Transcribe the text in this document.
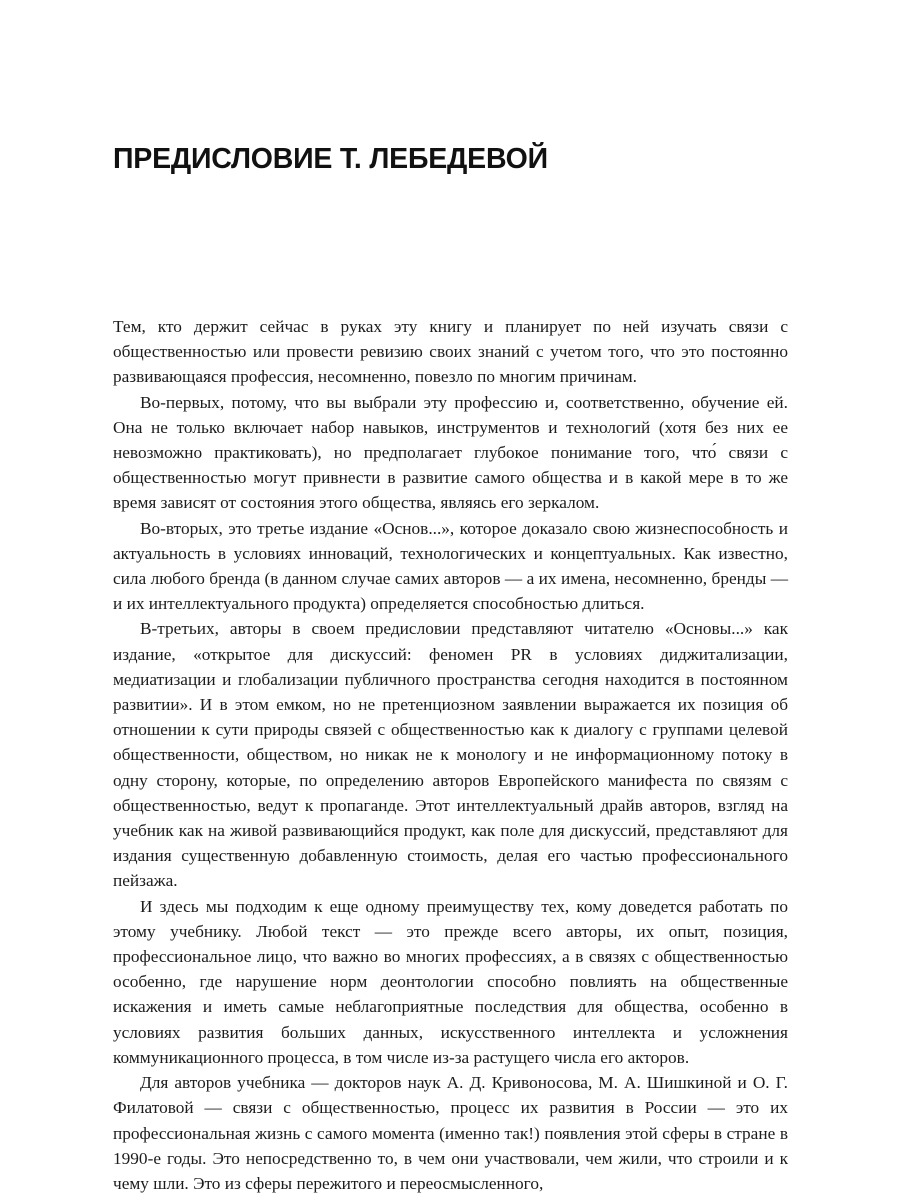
ПРЕДИСЛОВИЕ Т. ЛЕБЕДЕВОЙ

Тем, кто держит сейчас в руках эту книгу и планирует по ней изучать связи с общественностью или провести ревизию своих знаний с учетом того, что это постоянно развивающаяся профессия, несомненно, повезло по многим причинам.

Во-первых, потому, что вы выбрали эту профессию и, соответственно, обучение ей. Она не только включает набор навыков, инструментов и технологий (хотя без них ее невозможно практиковать), но предполагает глубокое понимание того, что́ связи с общественностью могут привнести в развитие самого общества и в какой мере в то же время зависят от состояния этого общества, являясь его зеркалом.

Во-вторых, это третье издание «Основ...», которое доказало свою жизнеспособность и актуальность в условиях инноваций, технологических и концептуальных. Как известно, сила любого бренда (в данном случае самих авторов — а их имена, несомненно, бренды — и их интеллектуального продукта) определяется способностью длиться.

В-третьих, авторы в своем предисловии представляют читателю «Основы...» как издание, «открытое для дискуссий: феномен PR в условиях диджитализации, медиатизации и глобализации публичного пространства сегодня находится в постоянном развитии». И в этом емком, но не претенциозном заявлении выражается их позиция об отношении к сути природы связей с общественностью как к диалогу с группами целевой общественности, обществом, но никак не к монологу и не информационному потоку в одну сторону, которые, по определению авторов Европейского манифеста по связям с общественностью, ведут к пропаганде. Этот интеллектуальный драйв авторов, взгляд на учебник как на живой развивающийся продукт, как поле для дискуссий, представляют для издания существенную добавленную стоимость, делая его частью профессионального пейзажа.

И здесь мы подходим к еще одному преимуществу тех, кому доведется работать по этому учебнику. Любой текст — это прежде всего авторы, их опыт, позиция, профессиональное лицо, что важно во многих профессиях, а в связях с общественностью особенно, где нарушение норм деонтологии способно повлиять на общественные искажения и иметь самые неблагоприятные последствия для общества, особенно в условиях развития больших данных, искусственного интеллекта и усложнения коммуникационного процесса, в том числе из-за растущего числа его акторов.

Для авторов учебника — докторов наук А. Д. Кривоносова, М. А. Шишкиной и О. Г. Филатовой — связи с общественностью, процесс их развития в России — это их профессиональная жизнь с самого момента (именно так!) появления этой сферы в стране в 1990-е годы. Это непосредственно то, в чем они участвовали, чем жили, что строили и к чему шли. Это из сферы пережитого и переосмысленного,
